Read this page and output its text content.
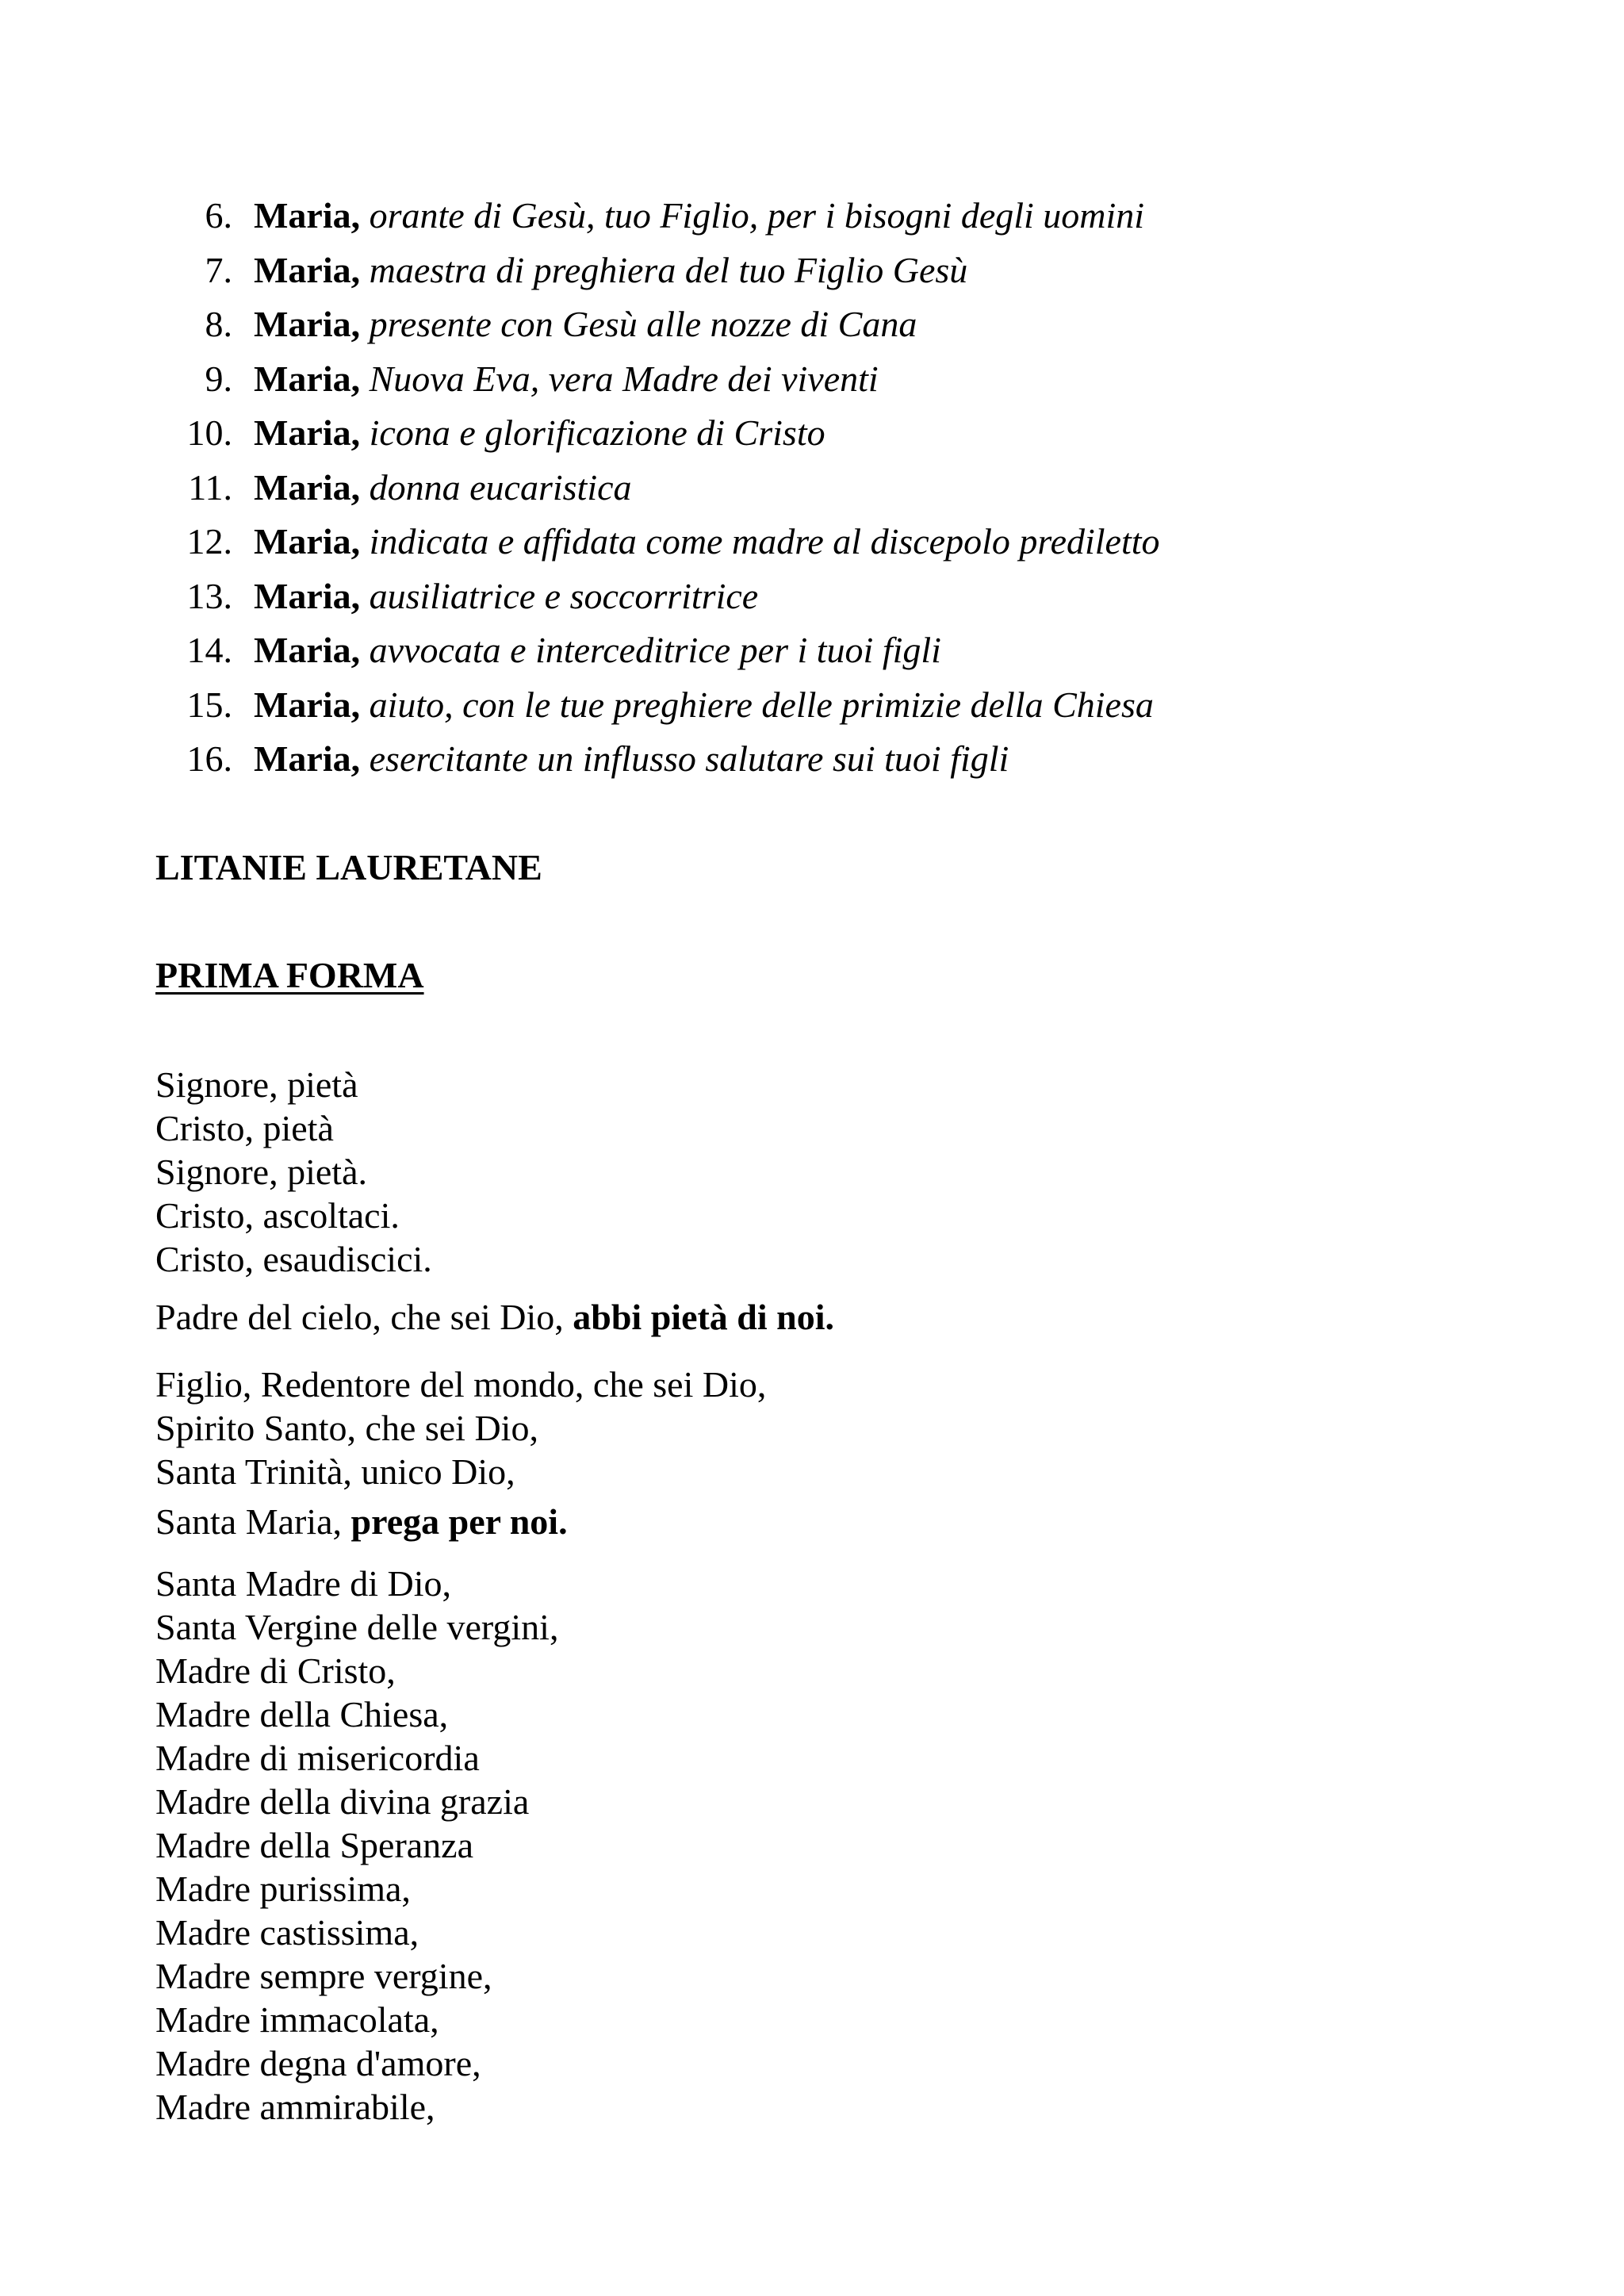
6. Maria, orante di Gesù, tuo Figlio, per i bisogni degli uomini
7. Maria, maestra di preghiera del tuo Figlio Gesù
8. Maria, presente con Gesù alle nozze di Cana
9. Maria, Nuova Eva, vera Madre dei viventi
10. Maria, icona e glorificazione di Cristo
11. Maria, donna eucaristica
12. Maria, indicata e affidata come madre al discepolo prediletto
13. Maria, ausiliatrice e soccorritrice
14. Maria, avvocata e interceditrice per i tuoi figli
15. Maria, aiuto, con le tue preghiere delle primizie della Chiesa
16. Maria, esercitante un influsso salutare sui tuoi figli
LITANIE LAURETANE
PRIMA FORMA
Signore, pietà
Cristo, pietà
Signore, pietà.
Cristo, ascoltaci.
Cristo, esaudiscici.
Padre del cielo, che sei Dio, abbi pietà di noi.
Figlio, Redentore del mondo, che sei Dio,
Spirito Santo, che sei Dio,
Santa Trinità, unico Dio,
Santa Maria, prega per noi.
Santa Madre di Dio,
Santa Vergine delle vergini,
Madre di Cristo,
Madre della Chiesa,
Madre di misericordia
Madre della divina grazia
Madre della Speranza
Madre purissima,
Madre castissima,
Madre sempre vergine,
Madre immacolata,
Madre degna d'amore,
Madre ammirabile,
